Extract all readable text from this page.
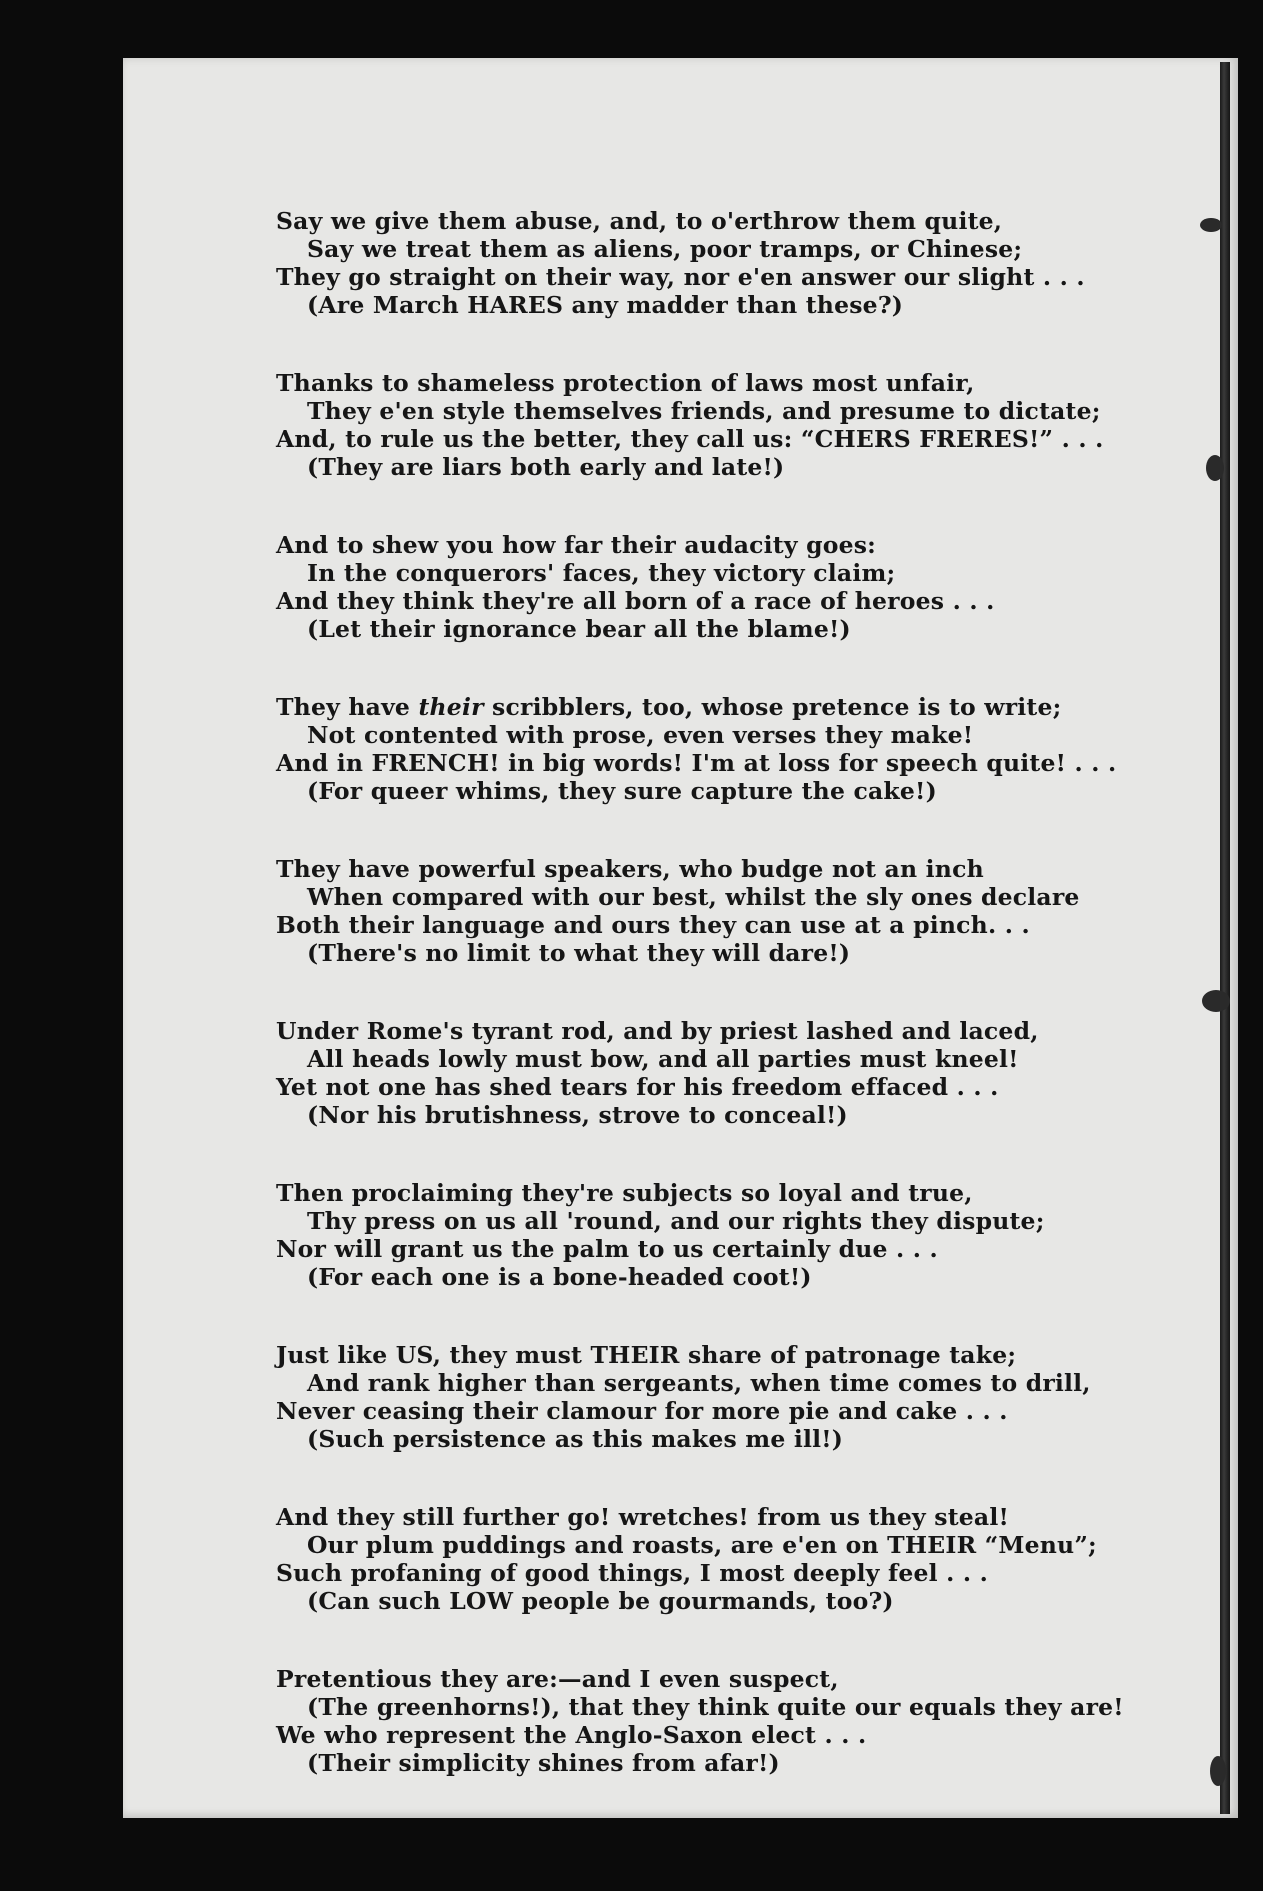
Say we give them abuse, and, to o'erthrow them quite,
Say we treat them as aliens, poor tramps, or Chinese;
They go straight on their way, nor e'en answer our slight . . .
(Are March HARES any madder than these?)
Thanks to shameless protection of laws most unfair,
They e'en style themselves friends, and presume to dictate;
And, to rule us the better, they call us: “CHERS FRERES!” . . .
(They are liars both early and late!)
And to shew you how far their audacity goes:
In the conquerors' faces, they victory claim;
And they think they're all born of a race of heroes . . .
(Let their ignorance bear all the blame!)
They have their scribblers, too, whose pretence is to write;
Not contented with prose, even verses they make!
And in FRENCH! in big words! I'm at loss for speech quite! . . .
(For queer whims, they sure capture the cake!)
They have powerful speakers, who budge not an inch
When compared with our best, whilst the sly ones declare
Both their language and ours they can use at a pinch. . .
(There's no limit to what they will dare!)
Under Rome's tyrant rod, and by priest lashed and laced,
All heads lowly must bow, and all parties must kneel!
Yet not one has shed tears for his freedom effaced . . .
(Nor his brutishness, strove to conceal!)
Then proclaiming they're subjects so loyal and true,
Thy press on us all 'round, and our rights they dispute;
Nor will grant us the palm to us certainly due . . .
(For each one is a bone-headed coot!)
Just like US, they must THEIR share of patronage take;
And rank higher than sergeants, when time comes to drill,
Never ceasing their clamour for more pie and cake . . .
(Such persistence as this makes me ill!)
And they still further go! wretches! from us they steal!
Our plum puddings and roasts, are e'en on THEIR “Menu”;
Such profaning of good things, I most deeply feel . . .
(Can such LOW people be gourmands, too?)
Pretentious they are:—and I even suspect,
(The greenhorns!), that they think quite our equals they are!
We who represent the Anglo-Saxon elect . . .
(Their simplicity shines from afar!)
